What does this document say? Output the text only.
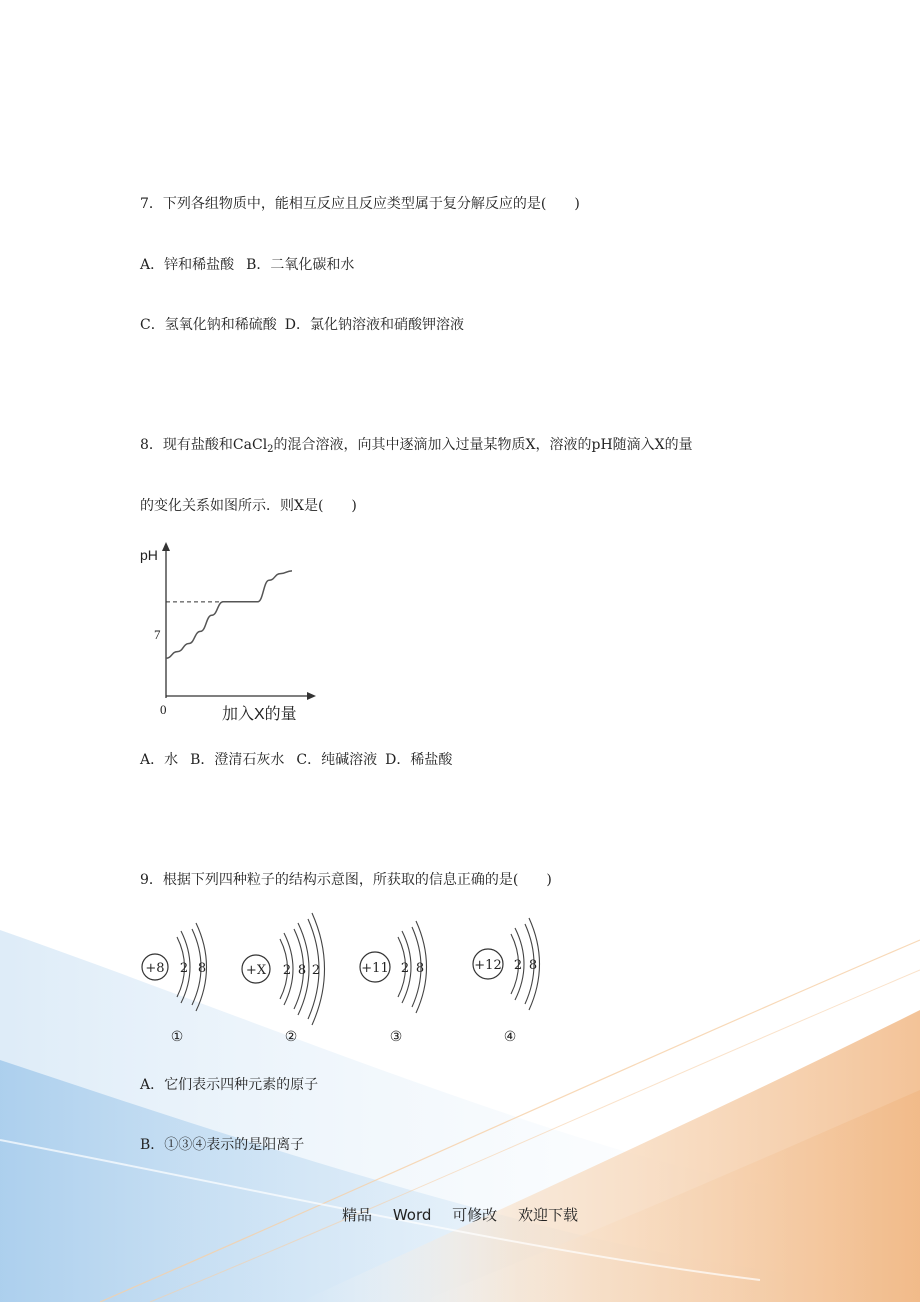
7．下列各组物质中，能相互反应且反应类型属于复分解反应的是(　　)
A．锌和稀盐酸 B．二氧化碳和水
C．氢氧化钠和稀硫酸 D．氯化钠溶液和硝酸钾溶液
8．现有盐酸和CaCl$_2$的混合溶液，向其中逐滴加入过量某物质X，溶液的pH随滴入X的量
的变化关系如图所示．则X是(　　)
pH
7
0	加入X的量
A．水 B．澄清石灰水 C．纯碱溶液 D．稀盐酸
9．根据下列四种粒子的结构示意图，所获取的信息正确的是(　　)
+8 2 8
①
+X 2 8 2
②
+11 2 8
③
+12 2 8
④
A．它们表示四种元素的原子
B．①③④表示的是阳离子
精品 Word 可修改 欢迎下载
